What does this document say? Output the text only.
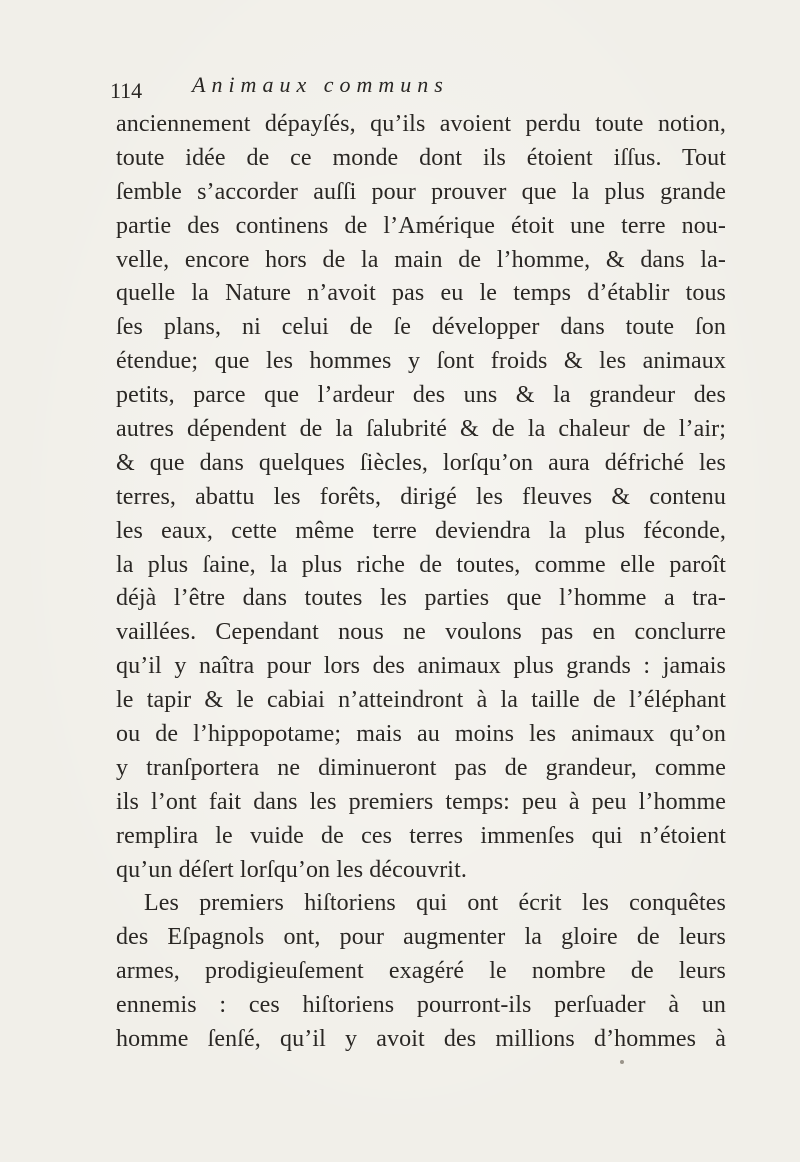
114 Animaux communs
anciennement dépayſés, qu’ils avoient perdu toute notion,
toute idée de ce monde dont ils étoient iſſus. Tout
ſemble s’accorder auſſi pour prouver que la plus grande
partie des continens de l’Amérique étoit une terre nou-
velle, encore hors de la main de l’homme, & dans la-
quelle la Nature n’avoit pas eu le temps d’établir tous
ſes plans, ni celui de ſe développer dans toute ſon
étendue; que les hommes y ſont froids & les animaux
petits, parce que l’ardeur des uns & la grandeur des
autres dépendent de la ſalubrité & de la chaleur de l’air;
& que dans quelques ſiècles, lorſqu’on aura défriché les
terres, abattu les forêts, dirigé les fleuves & contenu
les eaux, cette même terre deviendra la plus féconde,
la plus ſaine, la plus riche de toutes, comme elle paroît
déjà l’être dans toutes les parties que l’homme a tra-
vaillées. Cependant nous ne voulons pas en conclurre
qu’il y naîtra pour lors des animaux plus grands : jamais
le tapir & le cabiai n’atteindront à la taille de l’éléphant
ou de l’hippopotame; mais au moins les animaux qu’on
y tranſportera ne diminueront pas de grandeur, comme
ils l’ont fait dans les premiers temps: peu à peu l’homme
remplira le vuide de ces terres immenſes qui n’étoient
qu’un déſert lorſqu’on les découvrit.
Les premiers hiſtoriens qui ont écrit les conquêtes
des Eſpagnols ont, pour augmenter la gloire de leurs
armes, prodigieuſement exagéré le nombre de leurs
ennemis : ces hiſtoriens pourront-ils perſuader à un
homme ſenſé, qu’il y avoit des millions d’hommes à
